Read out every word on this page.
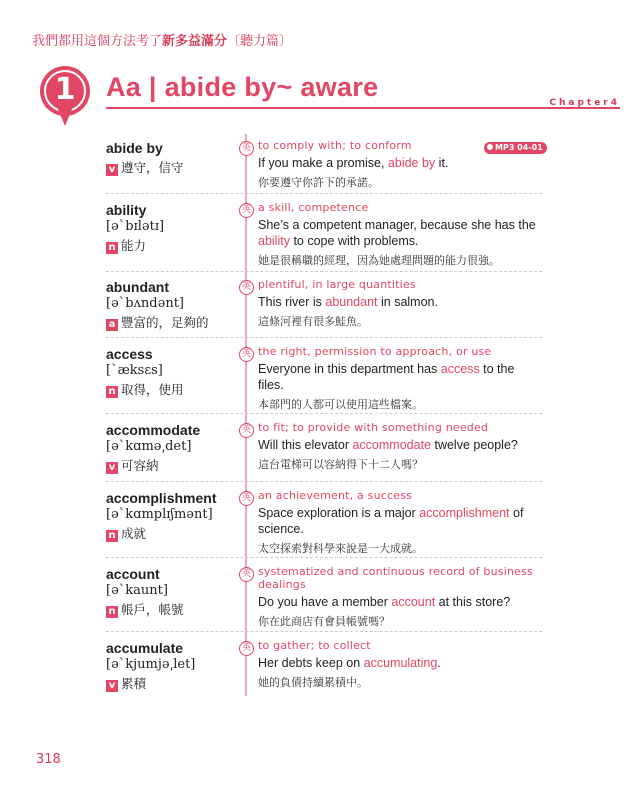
我們都用這個方法考了新多益滿分〔聽力篇〕
1	Aa | abide by~ aware
Chapter4
abide by
v 遵守，信守
英 to comply with; to conform
If you make a promise, abide by it.
你要遵守你許下的承諾。
MP3 04-01
ability
[ə`bɪlətɪ]
n 能力
英 a skill, competence
She’s a competent manager, because she has the ability to cope with problems.
她是很稱職的經理，因為她處理問題的能力很強。
abundant
[ə`bʌndənt]
a 豐富的，足夠的
英 plentiful, in large quantities
This river is abundant in salmon.
這條河裡有很多鮭魚。
access
[`æksɛs]
n 取得，使用
英 the right, permission to approach, or use
Everyone in this department has access to the files.
本部門的人都可以使用這些檔案。
accommodate
[ə`kɑmə͵det]
v 可容納
英 to fit; to provide with something needed
Will this elevator accommodate twelve people?
這台電梯可以容納得下十二人嗎？
accomplishment
[ə`kɑmplɪʃmənt]
n 成就
英 an achievement, a success
Space exploration is a major accomplishment of science.
太空探索對科學來說是一大成就。
account
[ə`kaunt]
n 帳戶，帳號
英 systematized and continuous record of business dealings
Do you have a member account at this store?
你在此商店有會員帳號嗎？
accumulate
[ə`kjumjə͵let]
v 累積
英 to gather; to collect
Her debts keep on accumulating.
她的負債持續累積中。
318
